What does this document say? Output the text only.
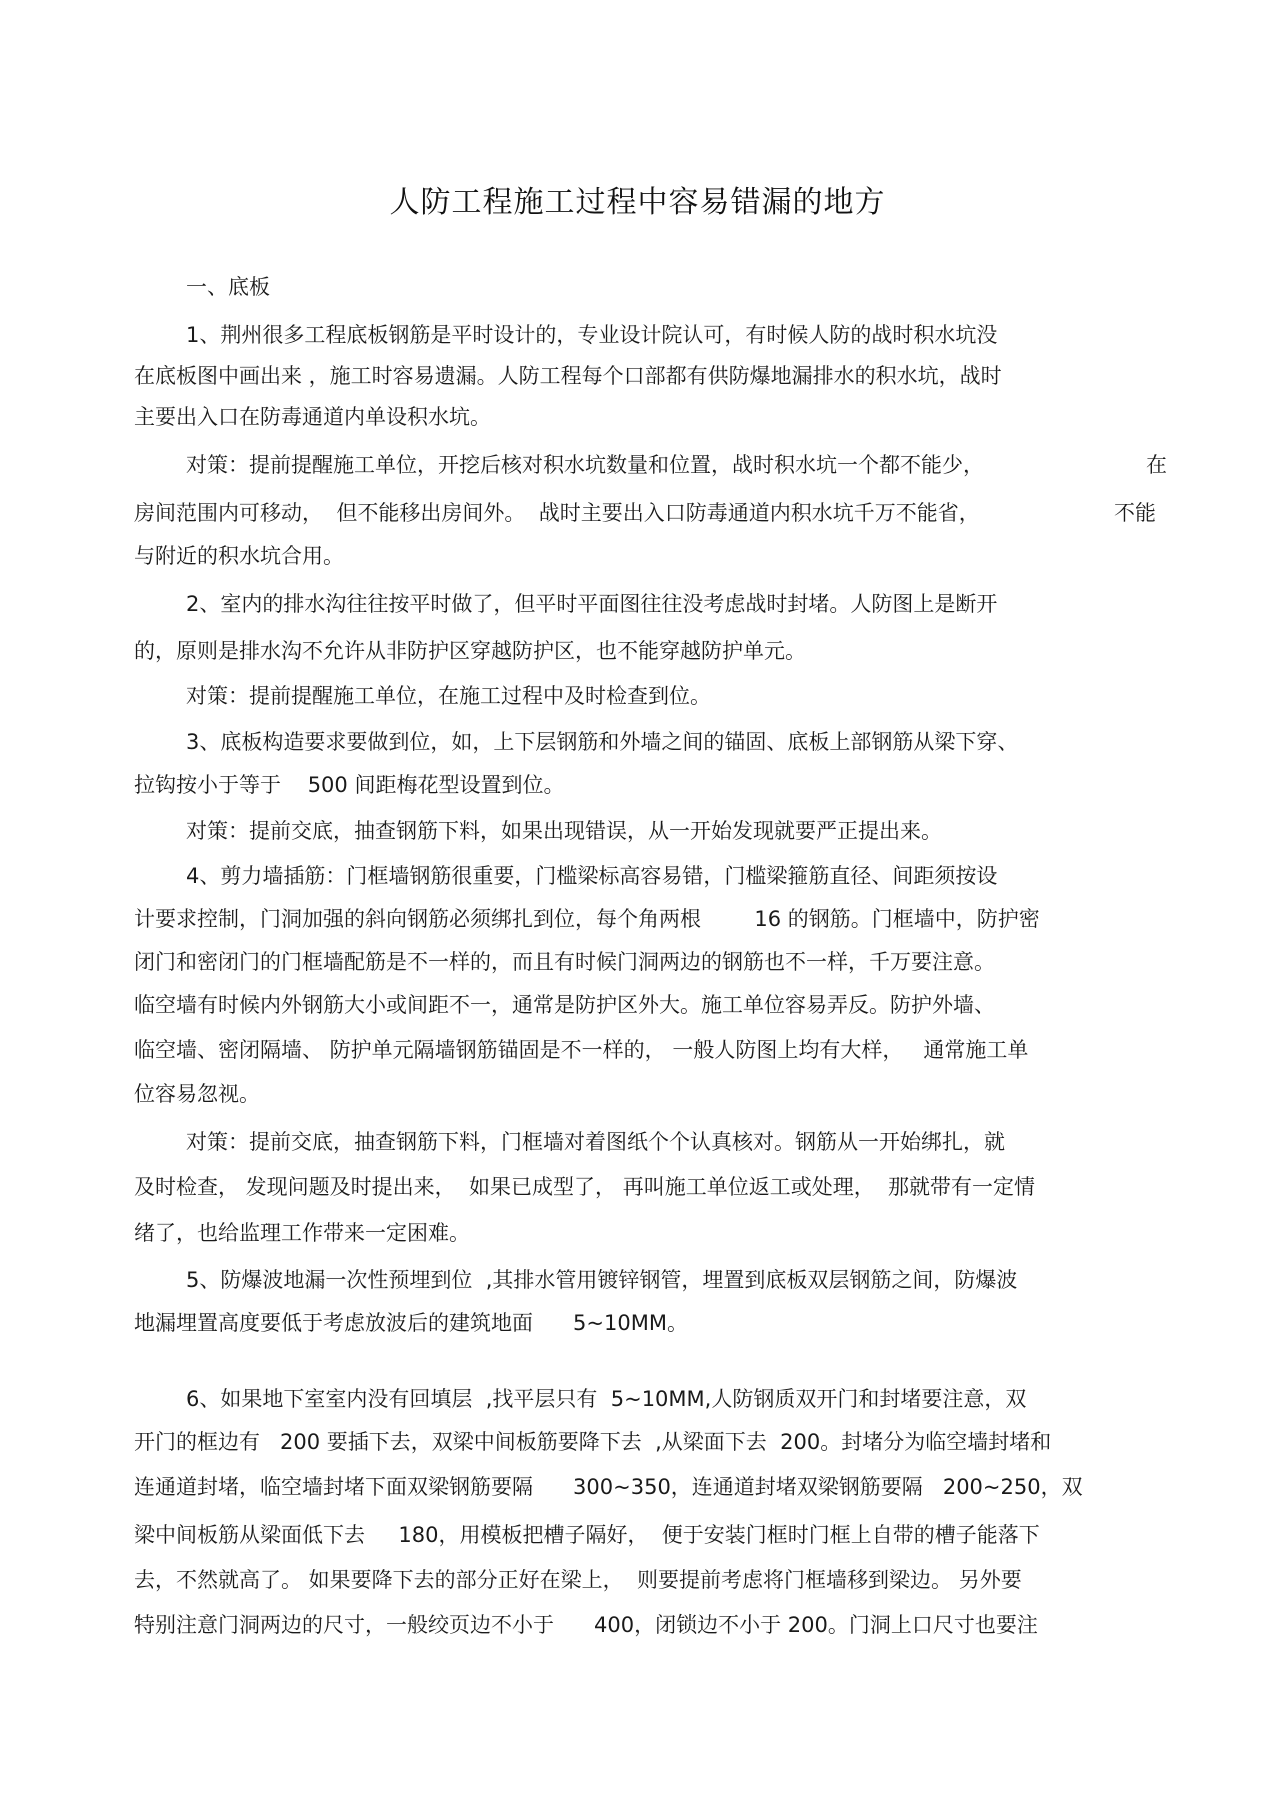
人防工程施工过程中容易错漏的地方
一、底板
1、荆州很多工程底板钢筋是平时设计的，专业设计院认可，有时候人防的战时积水坑没
在底板图中画出来 ，施工时容易遗漏。人防工程每个口部都有供防爆地漏排水的积水坑，战时
主要出入口在防毒通道内单设积水坑。
对策：提前提醒施工单位，开挖后核对积水坑数量和位置，战时积水坑一个都不能少，	在
房间范围内可移动，  但不能移出房间外。  战时主要出入口防毒通道内积水坑千万不能省，	不能
与附近的积水坑合用。
2、室内的排水沟往往按平时做了，但平时平面图往往没考虑战时封堵。人防图上是断开
的，原则是排水沟不允许从非防护区穿越防护区，也不能穿越防护单元。
对策：提前提醒施工单位，在施工过程中及时检查到位。
3、底板构造要求要做到位，如，上下层钢筋和外墙之间的锚固、底板上部钢筋从梁下穿、
拉钩按小于等于    500 间距梅花型设置到位。
对策：提前交底，抽查钢筋下料，如果出现错误，从一开始发现就要严正提出来。
4、剪力墙插筋：门框墙钢筋很重要，门槛梁标高容易错，门槛梁箍筋直径、间距须按设
计要求控制，门洞加强的斜向钢筋必须绑扎到位，每个角两根        16 的钢筋。门框墙中，防护密
闭门和密闭门的门框墙配筋是不一样的，而且有时候门洞两边的钢筋也不一样，千万要注意。
临空墙有时候内外钢筋大小或间距不一，通常是防护区外大。施工单位容易弄反。防护外墙、
临空墙、密闭隔墙、 防护单元隔墙钢筋锚固是不一样的， 一般人防图上均有大样，   通常施工单
位容易忽视。
对策：提前交底，抽查钢筋下料，门框墙对着图纸个个认真核对。钢筋从一开始绑扎，就
及时检查， 发现问题及时提出来，  如果已成型了， 再叫施工单位返工或处理，  那就带有一定情
绪了，也给监理工作带来一定困难。
5、防爆波地漏一次性预埋到位  ,其排水管用镀锌钢管，埋置到底板双层钢筋之间，防爆波
地漏埋置高度要低于考虑放波后的建筑地面      5~10MM。
6、如果地下室室内没有回填层  ,找平层只有  5~10MM,人防钢质双开门和封堵要注意，双
开门的框边有   200 要插下去，双梁中间板筋要降下去  ,从梁面下去  200。封堵分为临空墙封堵和
连通道封堵，临空墙封堵下面双梁钢筋要隔      300~350，连通道封堵双梁钢筋要隔   200~250，双
梁中间板筋从梁面低下去     180，用模板把槽子隔好，  便于安装门框时门框上自带的槽子能落下
去，不然就高了。 如果要降下去的部分正好在梁上，  则要提前考虑将门框墙移到梁边。 另外要
特别注意门洞两边的尺寸，一般绞页边不小于      400，闭锁边不小于 200。门洞上口尺寸也要注
